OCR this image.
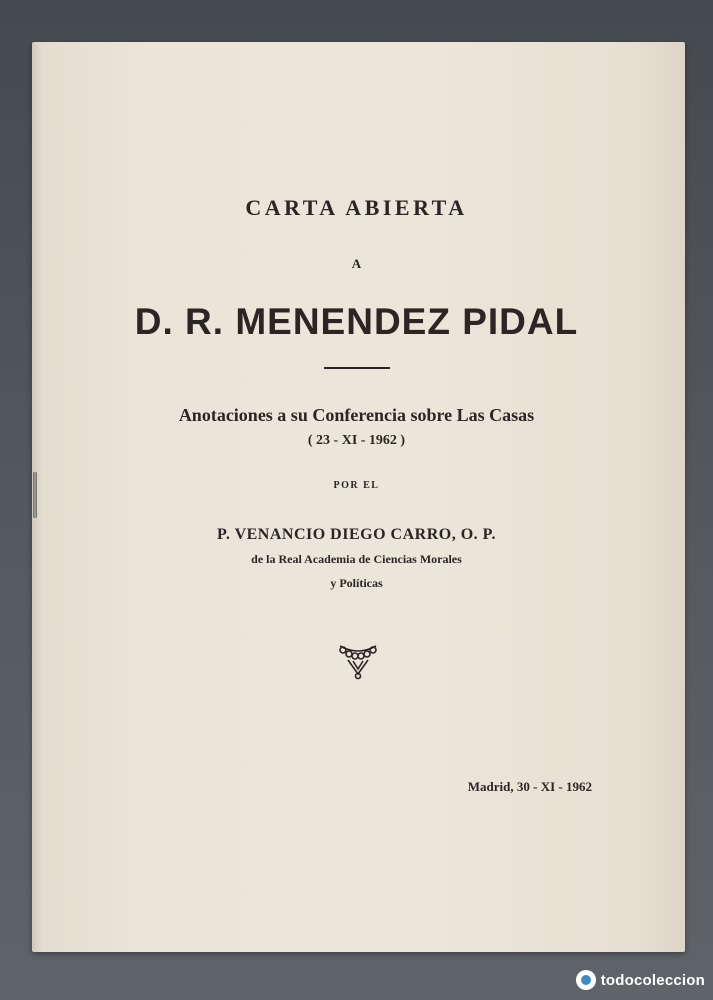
CARTA ABIERTA

A

D. R. MENENDEZ PIDAL

Anotaciones a su Conferencia sobre Las Casas

( 23 - XI - 1962 )

POR EL

P. VENANCIO DIEGO CARRO, O. P.

de la Real Academia de Ciencias Morales

y Políticas

Madrid, 30 - XI - 1962
todocoleccion
